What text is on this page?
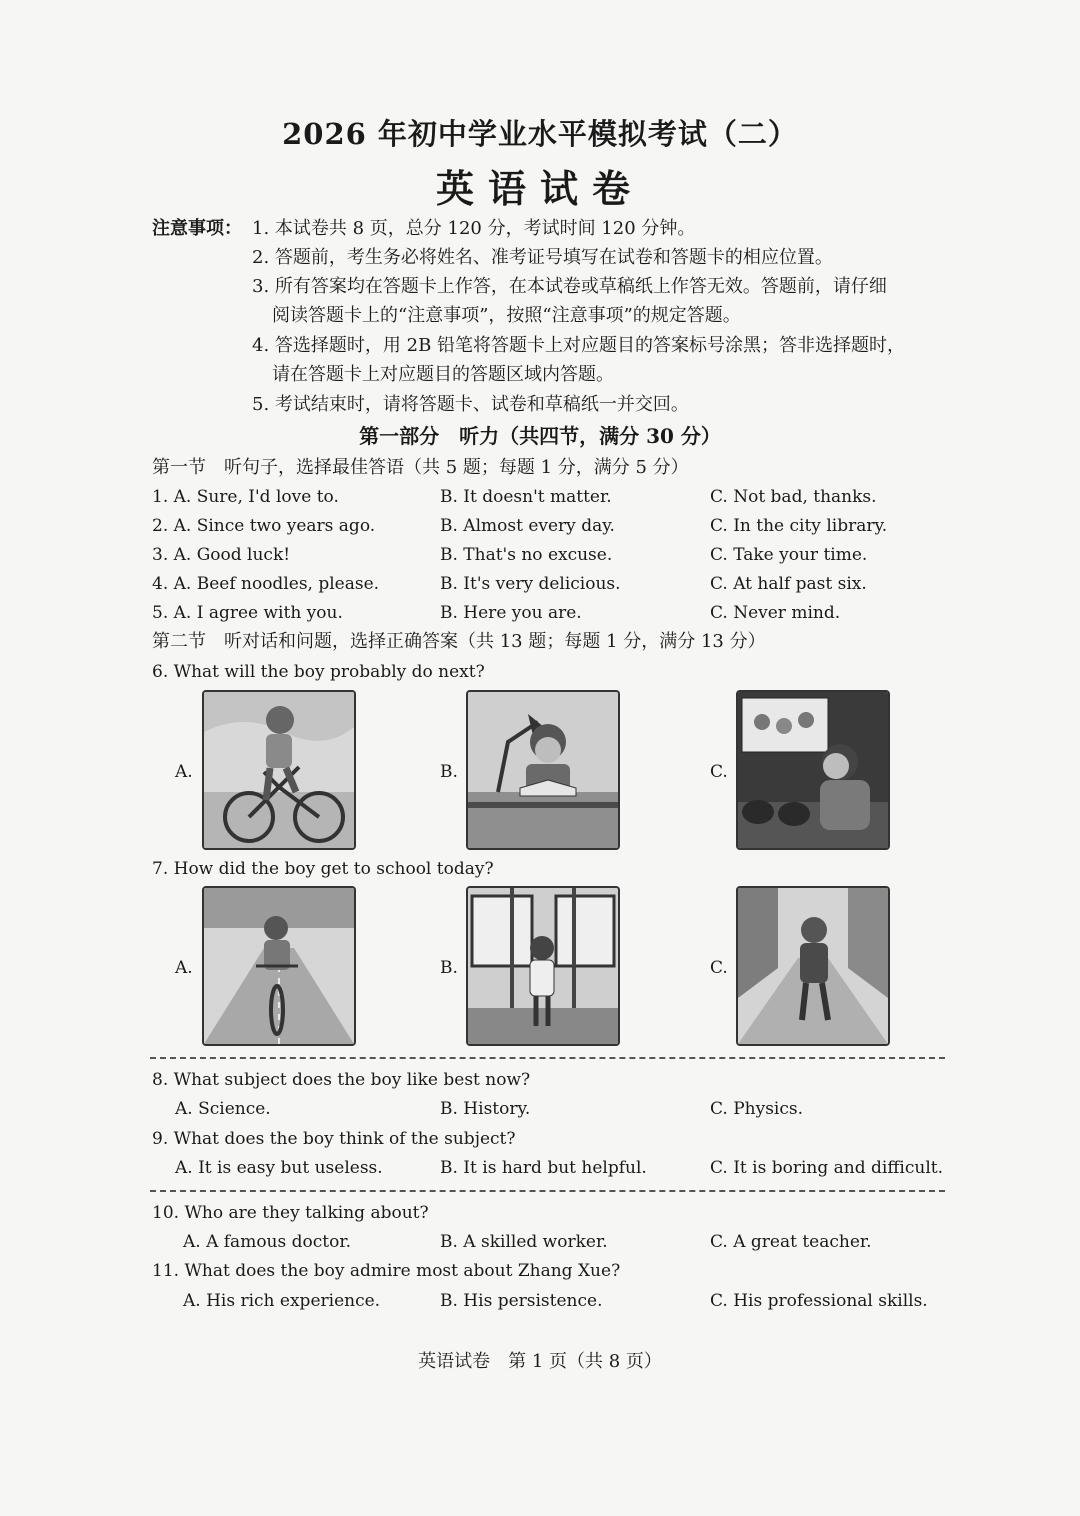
2026 年初中学业水平模拟考试（二）
英语试卷
注意事项： 1. 本试卷共 8 页，总分 120 分，考试时间 120 分钟。
2. 答题前，考生务必将姓名、准考证号填写在试卷和答题卡的相应位置。
3. 所有答案均在答题卡上作答，在本试卷或草稿纸上作答无效。答题前，请仔细
阅读答题卡上的“注意事项”，按照“注意事项”的规定答题。
4. 答选择题时，用 2B 铅笔将答题卡上对应题目的答案标号涂黑；答非选择题时，
请在答题卡上对应题目的答题区域内答题。
5. 考试结束时，请将答题卡、试卷和草稿纸一并交回。
第一部分　听力（共四节，满分 30 分）
第一节　听句子，选择最佳答语（共 5 题；每题 1 分，满分 5 分）
1. A. Sure, I'd love to.	B. It doesn't matter.	C. Not bad, thanks.
2. A. Since two years ago.	B. Almost every day.	C. In the city library.
3. A. Good luck!	B. That's no excuse.	C. Take your time.
4. A. Beef noodles, please.	B. It's very delicious.	C. At half past six.
5. A. I agree with you.	B. Here you are.	C. Never mind.
第二节　听对话和问题，选择正确答案（共 13 题；每题 1 分，满分 13 分）
6. What will the boy probably do next?
A.	B.	C.
7. How did the boy get to school today?
A.	B.	C.
8. What subject does the boy like best now?
A. Science.	B. History.	C. Physics.
9. What does the boy think of the subject?
A. It is easy but useless.	B. It is hard but helpful.	C. It is boring and difficult.
10. Who are they talking about?
A. A famous doctor.	B. A skilled worker.	C. A great teacher.
11. What does the boy admire most about Zhang Xue?
A. His rich experience.	B. His persistence.	C. His professional skills.
英语试卷　第 1 页（共 8 页）
